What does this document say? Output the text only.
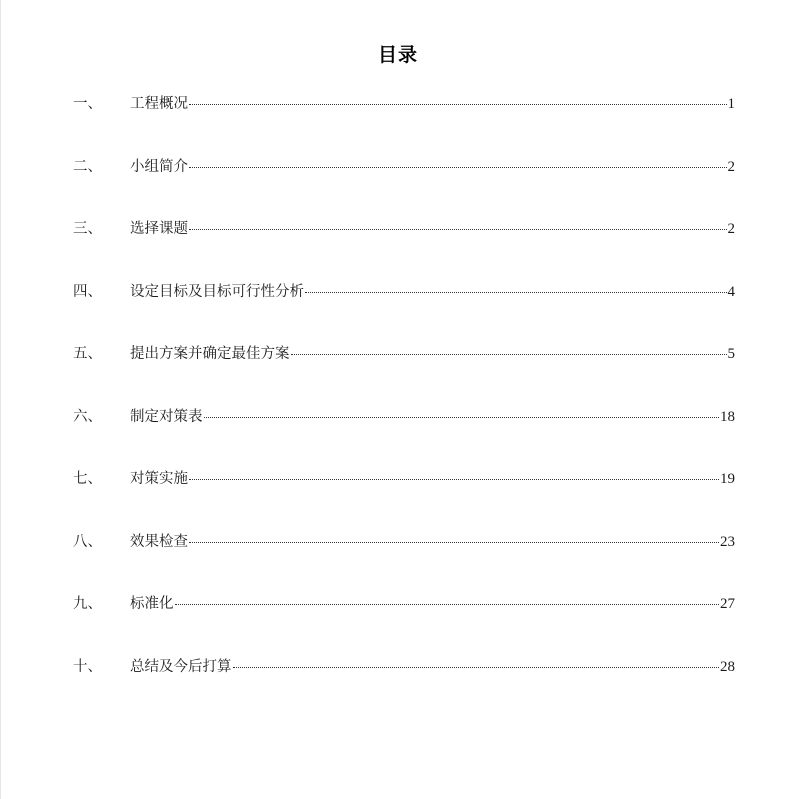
目录
一、	工程概况	1
二、	小组简介	2
三、	选择课题	2
四、	设定目标及目标可行性分析	4
五、	提出方案并确定最佳方案	5
六、	制定对策表	18
七、	对策实施	19
八、	效果检查	23
九、	标准化	27
十、	总结及今后打算	28
